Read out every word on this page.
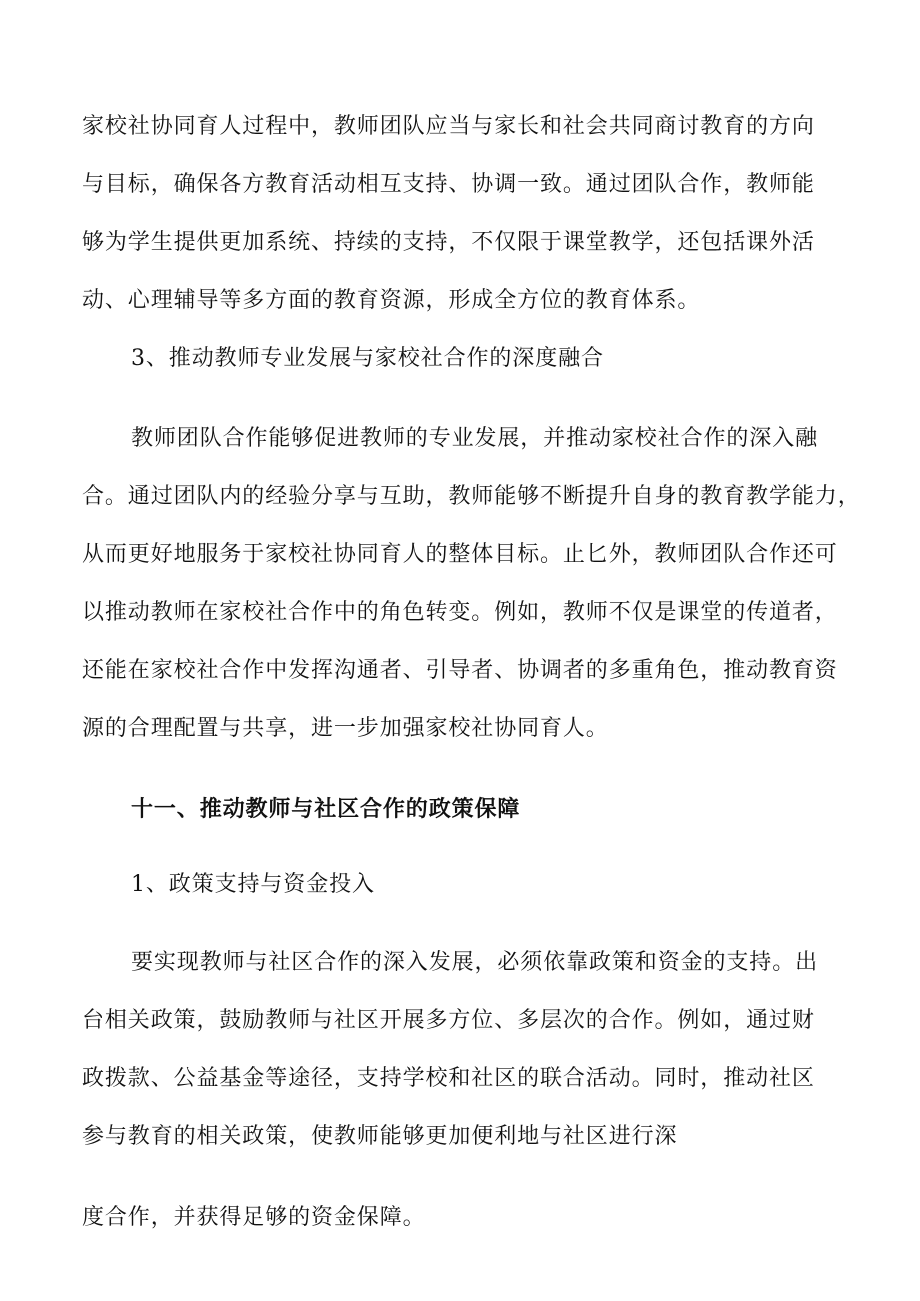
家校社协同育人过程中，教师团队应当与家长和社会共同商讨教育的方向
与目标，确保各方教育活动相互支持、协调一致。通过团队合作，教师能
够为学生提供更加系统、持续的支持，不仅限于课堂教学，还包括课外活
动、心理辅导等多方面的教育资源，形成全方位的教育体系。
3、推动教师专业发展与家校社合作的深度融合
教师团队合作能够促进教师的专业发展，并推动家校社合作的深入融
合。通过团队内的经验分享与互助，教师能够不断提升自身的教育教学能力，
从而更好地服务于家校社协同育人的整体目标。止匕外，教师团队合作还可
以推动教师在家校社合作中的角色转变。例如，教师不仅是课堂的传道者，
还能在家校社合作中发挥沟通者、引导者、协调者的多重角色，推动教育资
源的合理配置与共享，进一步加强家校社协同育人。
十一、推动教师与社区合作的政策保障
1、政策支持与资金投入
要实现教师与社区合作的深入发展，必须依靠政策和资金的支持。出
台相关政策，鼓励教师与社区开展多方位、多层次的合作。例如，通过财
政拨款、公益基金等途径，支持学校和社区的联合活动。同时，推动社区
参与教育的相关政策，使教师能够更加便利地与社区进行深
度合作，并获得足够的资金保障。
